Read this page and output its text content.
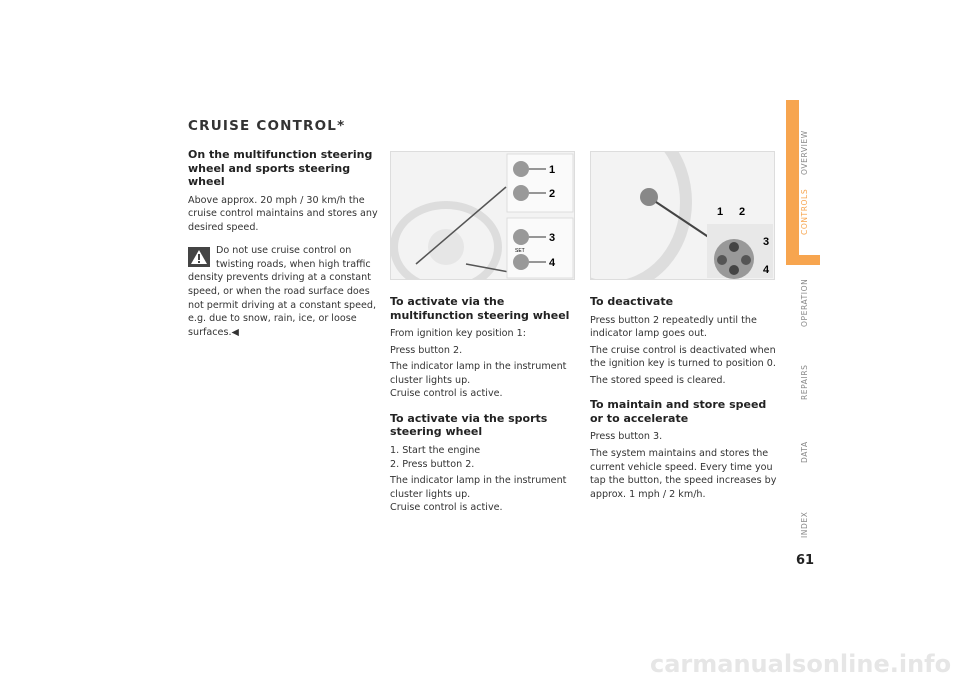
CRUISE CONTROL*
On the multifunction steering wheel and sports steering wheel

Above approx. 20 mph / 30 km/h the cruise control maintains and stores any desired speed.

Do not use cruise control on twisting roads, when high traffic density prevents driving at a constant speed, or when the road surface does not permit driving at a constant speed, e.g. due to snow, rain, ice, or loose surfaces.◀

1
2
3
4
SET
1 2
3
4
To activate via the multifunction steering wheel

From ignition key position 1:

Press button 2.

The indicator lamp in the instrument cluster lights up.

Cruise control is active.

To activate via the sports steering wheel

1. Start the engine

2. Press button 2.

The indicator lamp in the instrument cluster lights up.

Cruise control is active.

To deactivate

Press button 2 repeatedly until the indicator lamp goes out.

The cruise control is deactivated when the ignition key is turned to position 0.

The stored speed is cleared.

To maintain and store speed or to accelerate

Press button 3.

The system maintains and stores the current vehicle speed. Every time you tap the button, the speed increases by approx. 1 mph / 2 km/h.

OVERVIEW
CONTROLS
OPERATION
REPAIRS
DATA
INDEX
61
carmanualsonline.info
